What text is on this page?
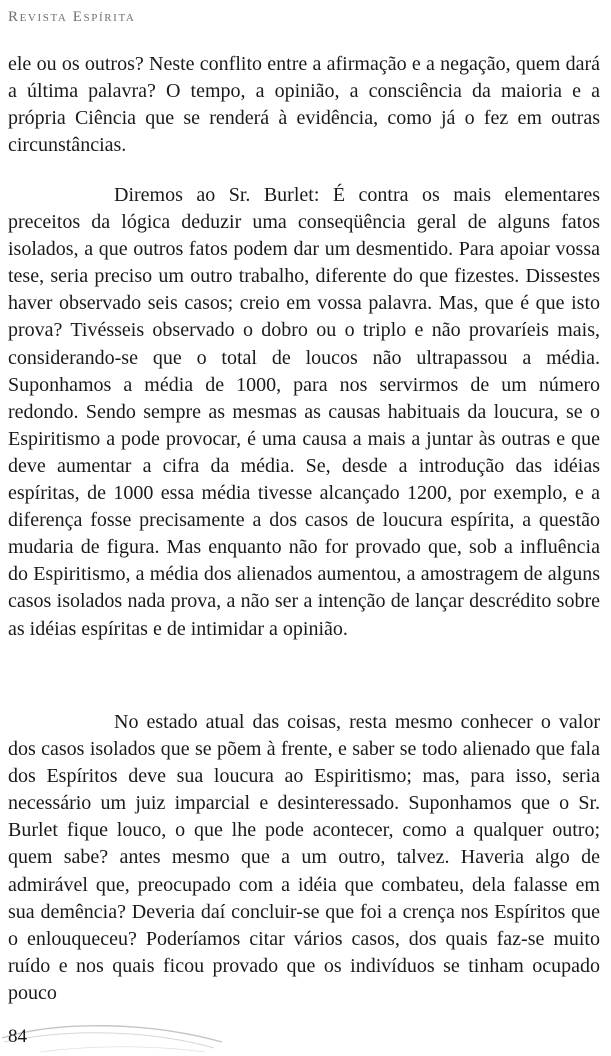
Revista Espírita

ele ou os outros? Neste conflito entre a afirmação e a negação, quem dará a última palavra? O tempo, a opinião, a consciência da maioria e a própria Ciência que se renderá à evidência, como já o fez em outras circunstâncias.

Diremos ao Sr. Burlet: É contra os mais elementares preceitos da lógica deduzir uma conseqüência geral de alguns fatos isolados, a que outros fatos podem dar um desmentido. Para apoiar vossa tese, seria preciso um outro trabalho, diferente do que fizestes. Dissestes haver observado seis casos; creio em vossa palavra. Mas, que é que isto prova? Tivésseis observado o dobro ou o triplo e não provaríeis mais, considerando-se que o total de loucos não ultrapassou a média. Suponhamos a média de 1000, para nos servirmos de um número redondo. Sendo sempre as mesmas as causas habituais da loucura, se o Espiritismo a pode provocar, é uma causa a mais a juntar às outras e que deve aumentar a cifra da média. Se, desde a introdução das idéias espíritas, de 1000 essa média tivesse alcançado 1200, por exemplo, e a diferença fosse precisamente a dos casos de loucura espírita, a questão mudaria de figura. Mas enquanto não for provado que, sob a influência do Espiritismo, a média dos alienados aumentou, a amostragem de alguns casos isolados nada prova, a não ser a intenção de lançar descrédito sobre as idéias espíritas e de intimidar a opinião.

No estado atual das coisas, resta mesmo conhecer o valor dos casos isolados que se põem à frente, e saber se todo alienado que fala dos Espíritos deve sua loucura ao Espiritismo; mas, para isso, seria necessário um juiz imparcial e desinteressado. Suponhamos que o Sr. Burlet fique louco, o que lhe pode acontecer, como a qualquer outro; quem sabe? antes mesmo que a um outro, talvez. Haveria algo de admirável que, preocupado com a idéia que combateu, dela falasse em sua demência? Deveria daí concluir-se que foi a crença nos Espíritos que o enlouqueceu? Poderíamos citar vários casos, dos quais faz-se muito ruído e nos quais ficou provado que os indivíduos se tinham ocupado pouco

84
